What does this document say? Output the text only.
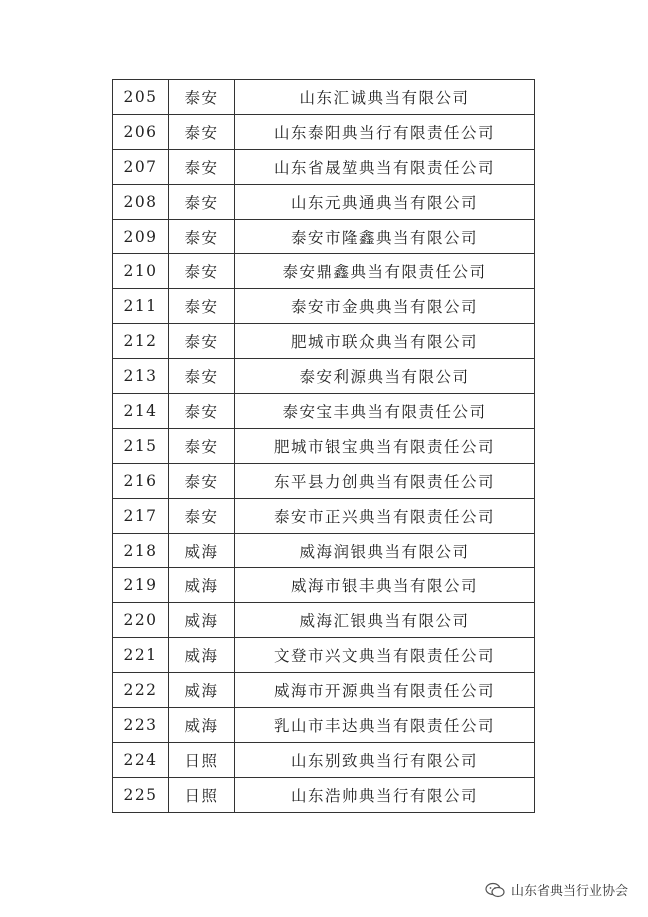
205	泰安	山东汇诚典当有限公司
206	泰安	山东泰阳典当行有限责任公司
207	泰安	山东省晟堃典当有限责任公司
208	泰安	山东元典通典当有限公司
209	泰安	泰安市隆鑫典当有限公司
210	泰安	泰安鼎鑫典当有限责任公司
211	泰安	泰安市金典典当有限公司
212	泰安	肥城市联众典当有限公司
213	泰安	泰安利源典当有限公司
214	泰安	泰安宝丰典当有限责任公司
215	泰安	肥城市银宝典当有限责任公司
216	泰安	东平县力创典当有限责任公司
217	泰安	泰安市正兴典当有限责任公司
218	威海	威海润银典当有限公司
219	威海	威海市银丰典当有限公司
220	威海	威海汇银典当有限公司
221	威海	文登市兴文典当有限责任公司
222	威海	威海市开源典当有限责任公司
223	威海	乳山市丰达典当有限责任公司
224	日照	山东别致典当行有限公司
225	日照	山东浩帅典当行有限公司
山东省典当行业协会
